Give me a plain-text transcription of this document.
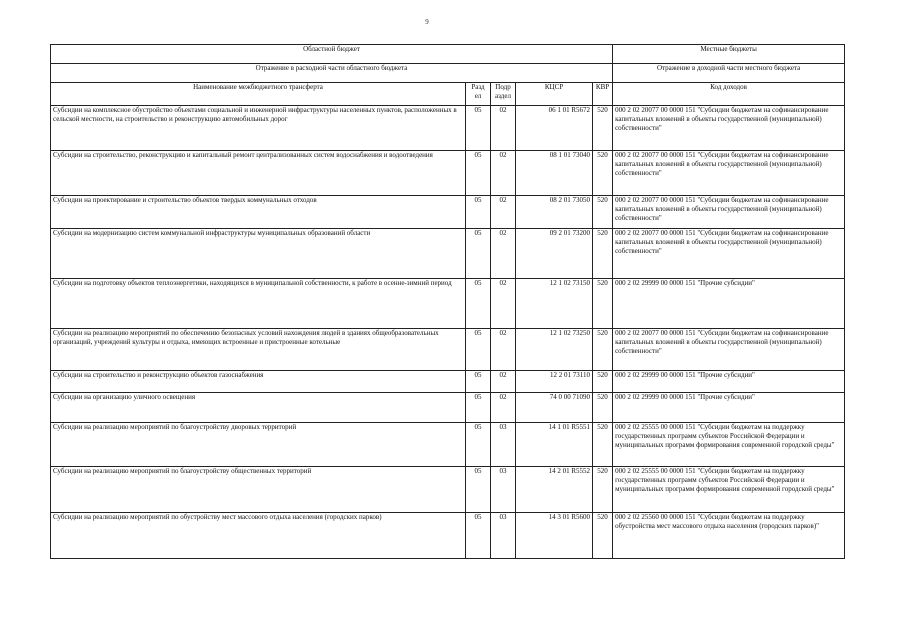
9
Областной бюджет					Местные бюджеты
Отражение в расходной части областного бюджета					Отражение в доходной части местного бюджета
Наименование межбюджетного трансферта	Разд ел	Подр аздел	КЦСР	КВР	Код доходов
Субсидии на комплексное обустройство объектами социальной и инженерной инфраструктуры населенных пунктов, расположенных в сельской местности, на строительство и реконструкцию автомобильных дорог	05	02	06 1 01 R5672	520	000 2 02 20077 00 0000 151 "Субсидии бюджетам на софинансирование капитальных вложений в объекты государственной (муниципальной) собственности"
Субсидии на строительство, реконструкцию и капитальный ремонт централизованных систем водоснабжения и водоотведения	05	02	08 1 01 73040	520	000 2 02 20077 00 0000 151 "Субсидии бюджетам на софинансирование капитальных вложений в объекты государственной (муниципальной) собственности"
Субсидии на проектирование и строительство объектов твердых коммунальных отходов	05	02	08 2 01 73050	520	000 2 02 20077 00 0000 151 "Субсидии бюджетам на софинансирование капитальных вложений в объекты государственной (муниципальной) собственности"
Субсидии на модернизацию систем коммунальной инфраструктуры муниципальных образований области	05	02	09 2 01 73200	520	000 2 02 20077 00 0000 151 "Субсидии бюджетам на софинансирование капитальных вложений в объекты государственной (муниципальной) собственности"
Субсидии на подготовку объектов теплоэнергетики, находящихся в муниципальной собственности, к работе в осенне-зимний период	05	02	12 1 02 73150	520	000 2 02 29999 00 0000 151 "Прочие субсидии"
Субсидии на реализацию мероприятий по обеспечению безопасных условий нахождения людей в зданиях общеобразовательных организаций, учреждений культуры и отдыха, имеющих встроенные и пристроенные котельные	05	02	12 1 02 73250	520	000 2 02 20077 00 0000 151 "Субсидии бюджетам на софинансирование капитальных вложений в объекты государственной (муниципальной) собственности"
Субсидии на строительство и реконструкцию объектов газоснабжения	05	02	12 2 01 73110	520	000 2 02 29999 00 0000 151 "Прочие субсидии"
Субсидии на организацию уличного освещения	05	02	74 0 00 71090	520	000 2 02 29999 00 0000 151 "Прочие субсидии"
Субсидии на реализацию мероприятий по благоустройству дворовых территорий	05	03	14 1 01 R5551	520	000 2 02 25555 00 0000 151 "Субсидии бюджетам на поддержку государственных программ субъектов Российской Федерации и муниципальных программ формирования современной городской среды"
Субсидии на реализацию мероприятий по благоустройству общественных территорий	05	03	14 2 01 R5552	520	000 2 02 25555 00 0000 151 "Субсидии бюджетам на поддержку государственных программ субъектов Российской Федерации и муниципальных программ формирования современной городской среды"
Субсидии на реализацию мероприятий по обустройству мест массового отдыха населения (городских парков)	05	03	14 3 01 R5600	520	000 2 02 25560 00 0000 151 "Субсидии бюджетам на поддержку обустройства мест массового отдыха населения (городских парков)"
